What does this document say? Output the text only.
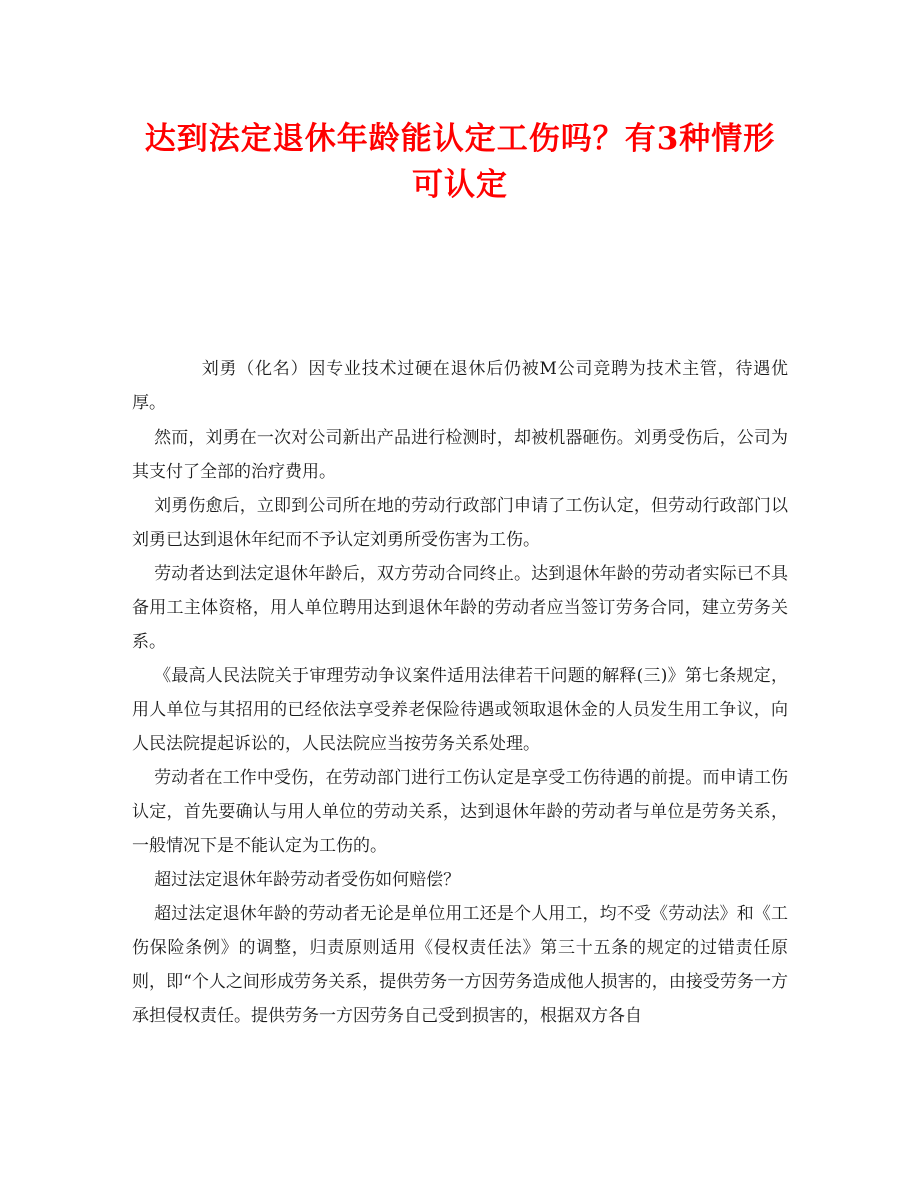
达到法定退休年龄能认定工伤吗？有3种情形可认定

刘勇（化名）因专业技术过硬在退休后仍被M公司竞聘为技术主管，待遇优厚。

然而，刘勇在一次对公司新出产品进行检测时，却被机器砸伤。刘勇受伤后，公司为其支付了全部的治疗费用。

刘勇伤愈后，立即到公司所在地的劳动行政部门申请了工伤认定，但劳动行政部门以刘勇已达到退休年纪而不予认定刘勇所受伤害为工伤。

劳动者达到法定退休年龄后，双方劳动合同终止。达到退休年龄的劳动者实际已不具备用工主体资格，用人单位聘用达到退休年龄的劳动者应当签订劳务合同，建立劳务关系。

《最高人民法院关于审理劳动争议案件适用法律若干问题的解释(三)》第七条规定，用人单位与其招用的已经依法享受养老保险待遇或领取退休金的人员发生用工争议，向人民法院提起诉讼的，人民法院应当按劳务关系处理。

劳动者在工作中受伤，在劳动部门进行工伤认定是享受工伤待遇的前提。而申请工伤认定，首先要确认与用人单位的劳动关系，达到退休年龄的劳动者与单位是劳务关系，一般情况下是不能认定为工伤的。

超过法定退休年龄劳动者受伤如何赔偿？

超过法定退休年龄的劳动者无论是单位用工还是个人用工，均不受《劳动法》和《工伤保险条例》的调整，归责原则适用《侵权责任法》第三十五条的规定的过错责任原则，即“个人之间形成劳务关系，提供劳务一方因劳务造成他人损害的，由接受劳务一方承担侵权责任。提供劳务一方因劳务自己受到损害的，根据双方各自
